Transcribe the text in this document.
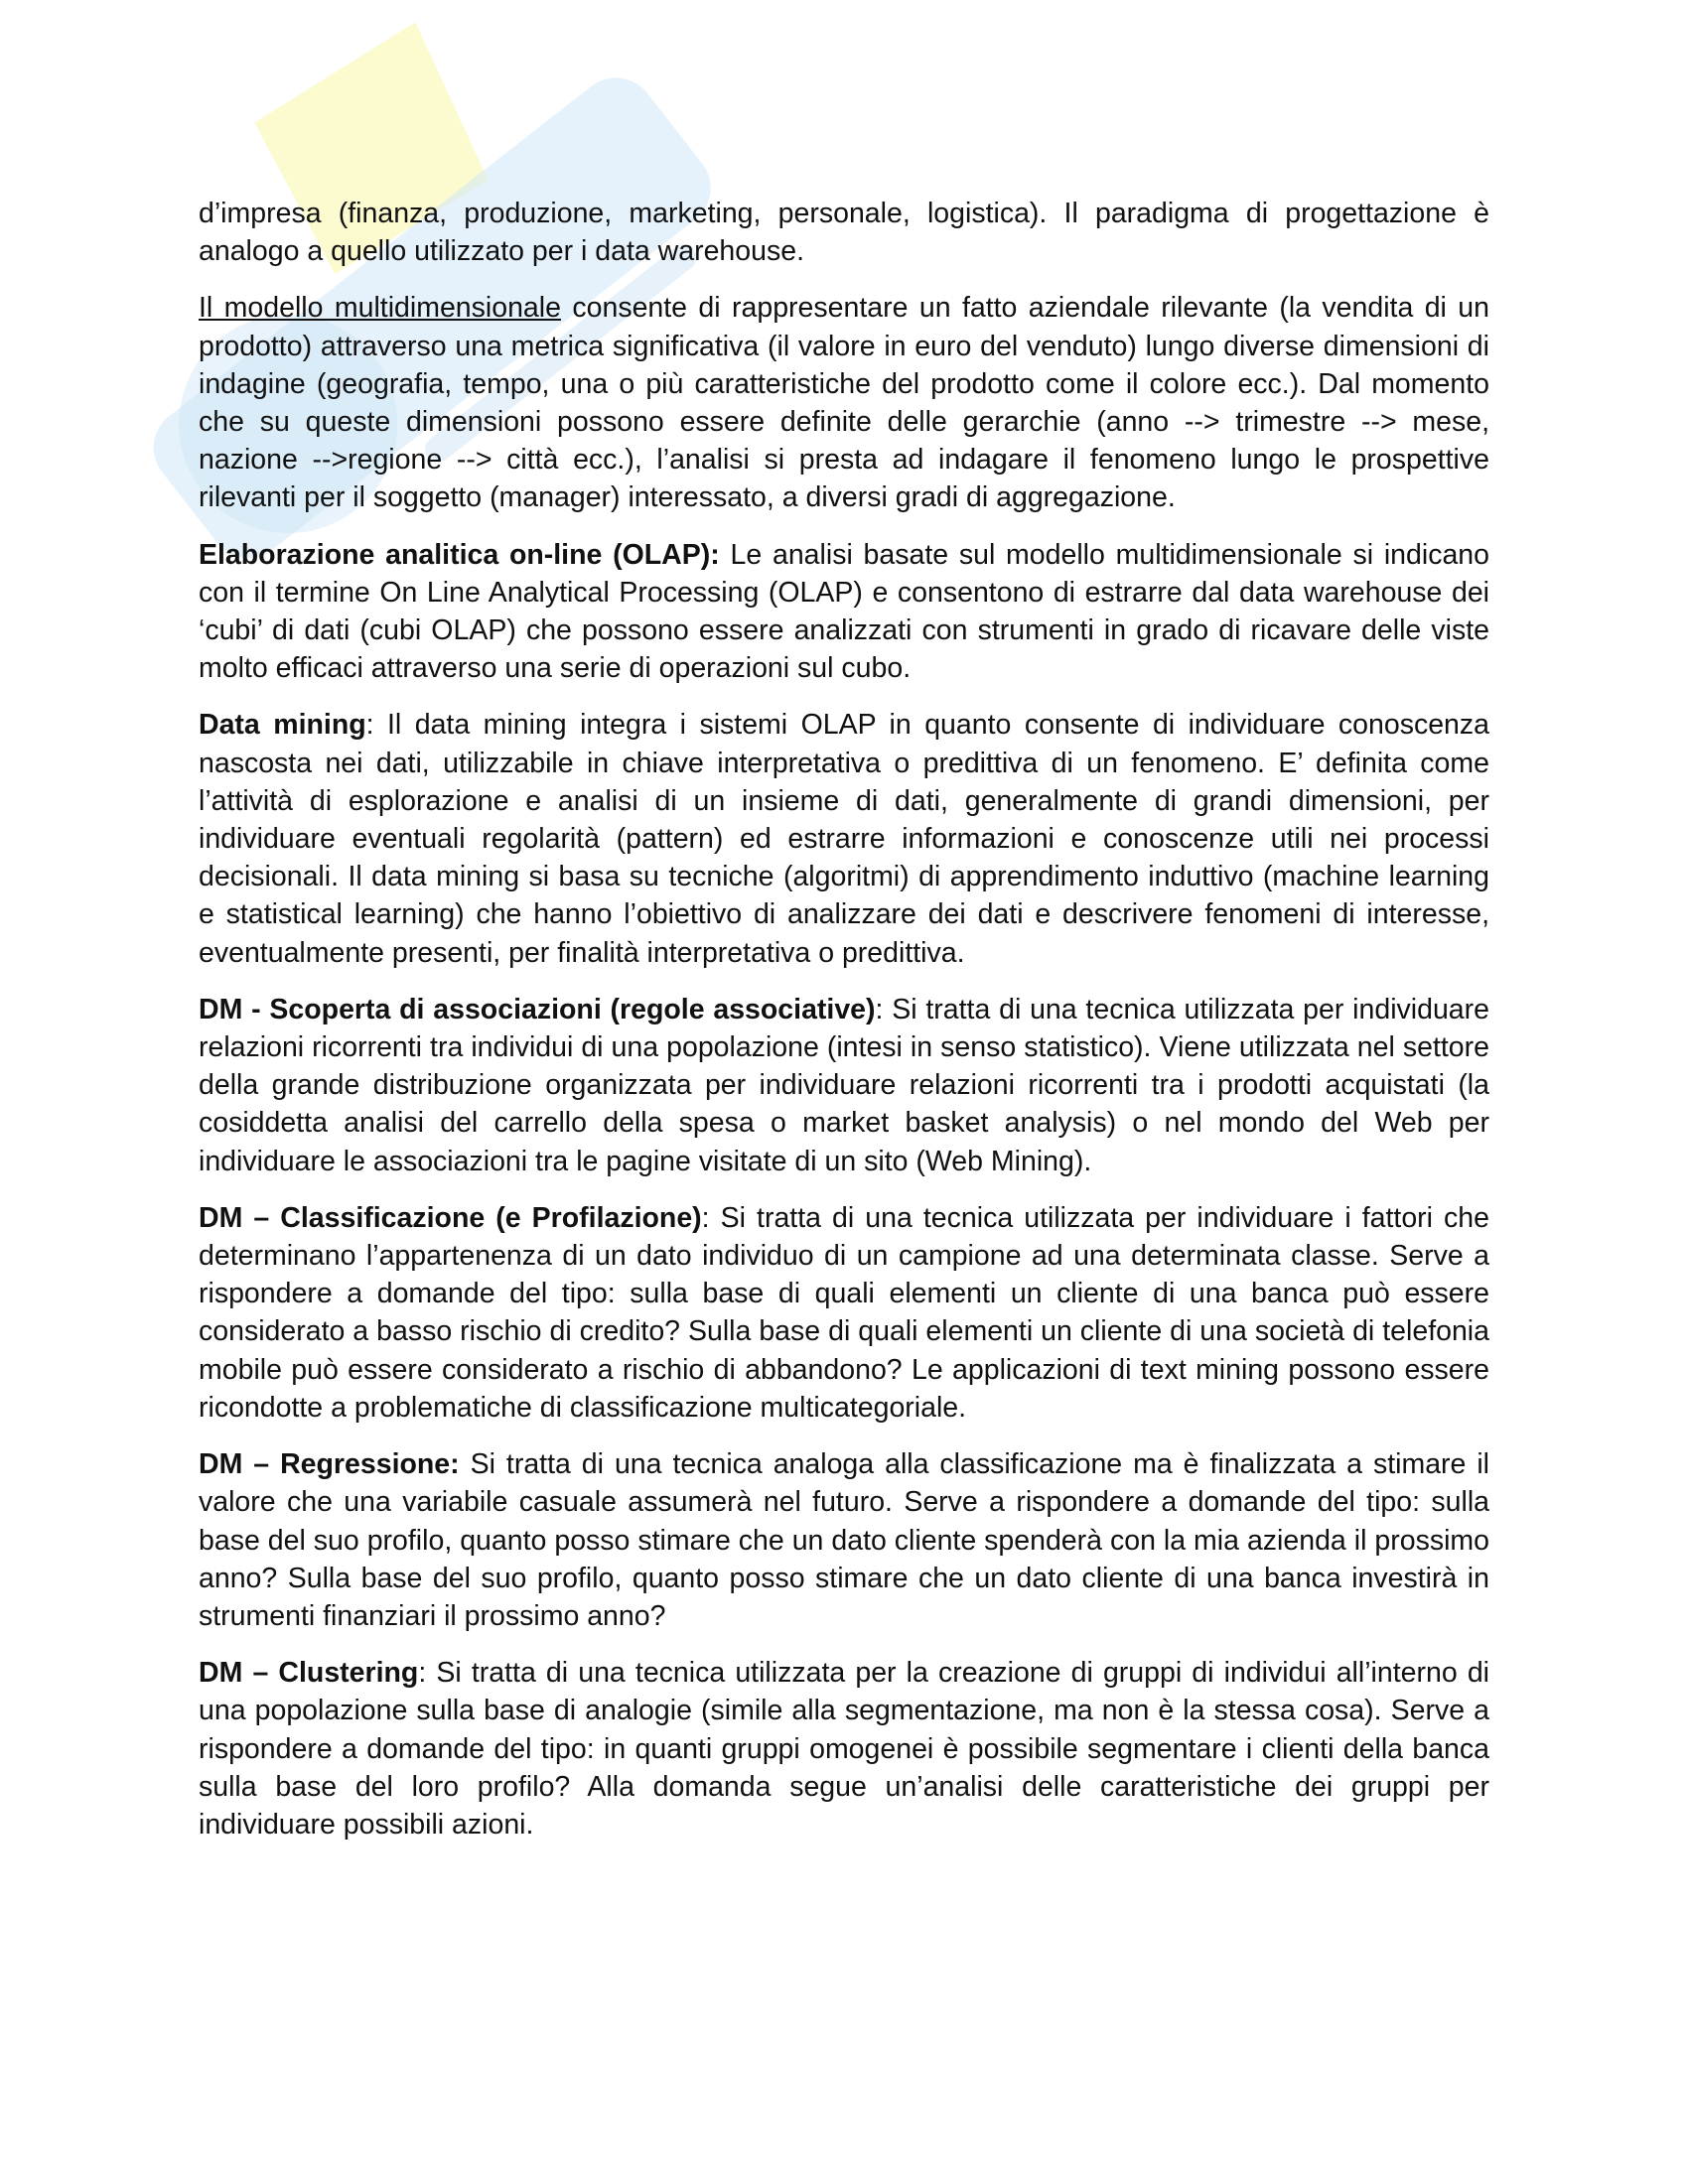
d’impresa (finanza, produzione, marketing, personale, logistica). Il paradigma di progettazione è analogo a quello utilizzato per i data warehouse.

Il modello multidimensionale consente di rappresentare un fatto aziendale rilevante (la vendita di un prodotto) attraverso una metrica significativa (il valore in euro del venduto) lungo diverse dimensioni di indagine (geografia, tempo, una o più caratteristiche del prodotto come il colore ecc.). Dal momento che su queste dimensioni possono essere definite delle gerarchie (anno --> trimestre --> mese, nazione -->regione --> città ecc.), l’analisi si presta ad indagare il fenomeno lungo le prospettive rilevanti per il soggetto (manager) interessato, a diversi gradi di aggregazione.

Elaborazione analitica on-line (OLAP): Le analisi basate sul modello multidimensionale si indicano con il termine On Line Analytical Processing (OLAP) e consentono di estrarre dal data warehouse dei ‘cubi’ di dati (cubi OLAP) che possono essere analizzati con strumenti in grado di ricavare delle viste molto efficaci attraverso una serie di operazioni sul cubo.

Data mining: Il data mining integra i sistemi OLAP in quanto consente di individuare conoscenza nascosta nei dati, utilizzabile in chiave interpretativa o predittiva di un fenomeno. E’ definita come l’attività di esplorazione e analisi di un insieme di dati, generalmente di grandi dimensioni, per individuare eventuali regolarità (pattern) ed estrarre informazioni e conoscenze utili nei processi decisionali. Il data mining si basa su tecniche (algoritmi) di apprendimento induttivo (machine learning e statistical learning) che hanno l’obiettivo di analizzare dei dati e descrivere fenomeni di interesse, eventualmente presenti, per finalità interpretativa o predittiva.

DM - Scoperta di associazioni (regole associative): Si tratta di una tecnica utilizzata per individuare relazioni ricorrenti tra individui di una popolazione (intesi in senso statistico). Viene utilizzata nel settore della grande distribuzione organizzata per individuare relazioni ricorrenti tra i prodotti acquistati (la cosiddetta analisi del carrello della spesa o market basket analysis) o nel mondo del Web per individuare le associazioni tra le pagine visitate di un sito (Web Mining).

DM – Classificazione (e Profilazione): Si tratta di una tecnica utilizzata per individuare i fattori che determinano l’appartenenza di un dato individuo di un campione ad una determinata classe. Serve a rispondere a domande del tipo: sulla base di quali elementi un cliente di una banca può essere considerato a basso rischio di credito? Sulla base di quali elementi un cliente di una società di telefonia mobile può essere considerato a rischio di abbandono? Le applicazioni di text mining possono essere ricondotte a problematiche di classificazione multicategoriale.

DM – Regressione: Si tratta di una tecnica analoga alla classificazione ma è finalizzata a stimare il valore che una variabile casuale assumerà nel futuro. Serve a rispondere a domande del tipo: sulla base del suo profilo, quanto posso stimare che un dato cliente spenderà con la mia azienda il prossimo anno? Sulla base del suo profilo, quanto posso stimare che un dato cliente di una banca investirà in strumenti finanziari il prossimo anno?

DM – Clustering: Si tratta di una tecnica utilizzata per la creazione di gruppi di individui all’interno di una popolazione sulla base di analogie (simile alla segmentazione, ma non è la stessa cosa). Serve a rispondere a domande del tipo: in quanti gruppi omogenei è possibile segmentare i clienti della banca sulla base del loro profilo? Alla domanda segue un’analisi delle caratteristiche dei gruppi per individuare possibili azioni.
